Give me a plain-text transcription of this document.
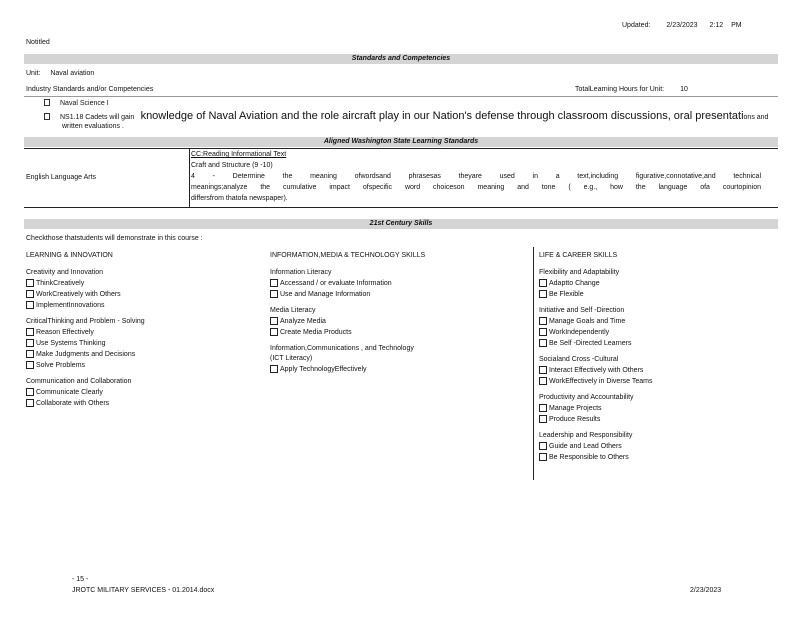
Updated: 2/23/2023 2:12 PM
Notitled
Standards and Competencies
Unit: Naval aviation
Industry Standards and/or Competencies	TotalLearning Hours for Unit: 10
Naval Science I
NS1.18 Cadets will gain knowledge of Naval Aviation and the role aircraft play in our Nation's defense through classroom discussions, oral presentations and
written evaluations .
Aligned Washington State Learning Standards
English Language Arts
CC:Reading Informational Text
Craft and Structure (9 -10)
4 - Determine the meaning ofwordsand phrasesas theyare used in a text,including figurative,connotative,and technical
meanings;analyze the cumulative impact ofspecific word choiceson meaning and tone ( e.g., how the language ofa courtopinion
differsfrom thatofa newspaper).
21st Century Skills
Checkthose thatstudents will demonstrate in this course :
LEARNING & INNOVATION
Creativity and Innovation
ThinkCreatively
WorkCreatively with Others
ImplementInnovations
CriticalThinking and Problem - Solving
Reason Effectively
Use Systems Thinking
Make Judgments and Decisions
Solve Problems
Communication and Collaboration
Communicate Clearly
Collaborate with Others
INFORMATION,MEDIA & TECHNOLOGY SKILLS
Information Literacy
Accessand / or evaluate Information
Use and Manage Information
Media Literacy
Analyze Media
Create Media Products
Information,Communications , and Technology
(ICT Literacy)
Apply TechnologyEffectively
LIFE & CAREER SKILLS
Flexibility and Adaptability
Adaptto Change
Be Flexible
Initiative and Self -Direction
Manage Goals and Time
WorkIndependently
Be Self -Directed Learners
Socialand Cross -Cultural
Interact Effectively with Others
WorkEffectively in Diverse Teams
Productivity and Accountability
Manage Projects
Produce Results
Leadership and Responsibility
Guide and Lead Others
Be Responsible to Others
- 15 -
JROTC MILITARY SERVICES - 01.2014.docx	2/23/2023
